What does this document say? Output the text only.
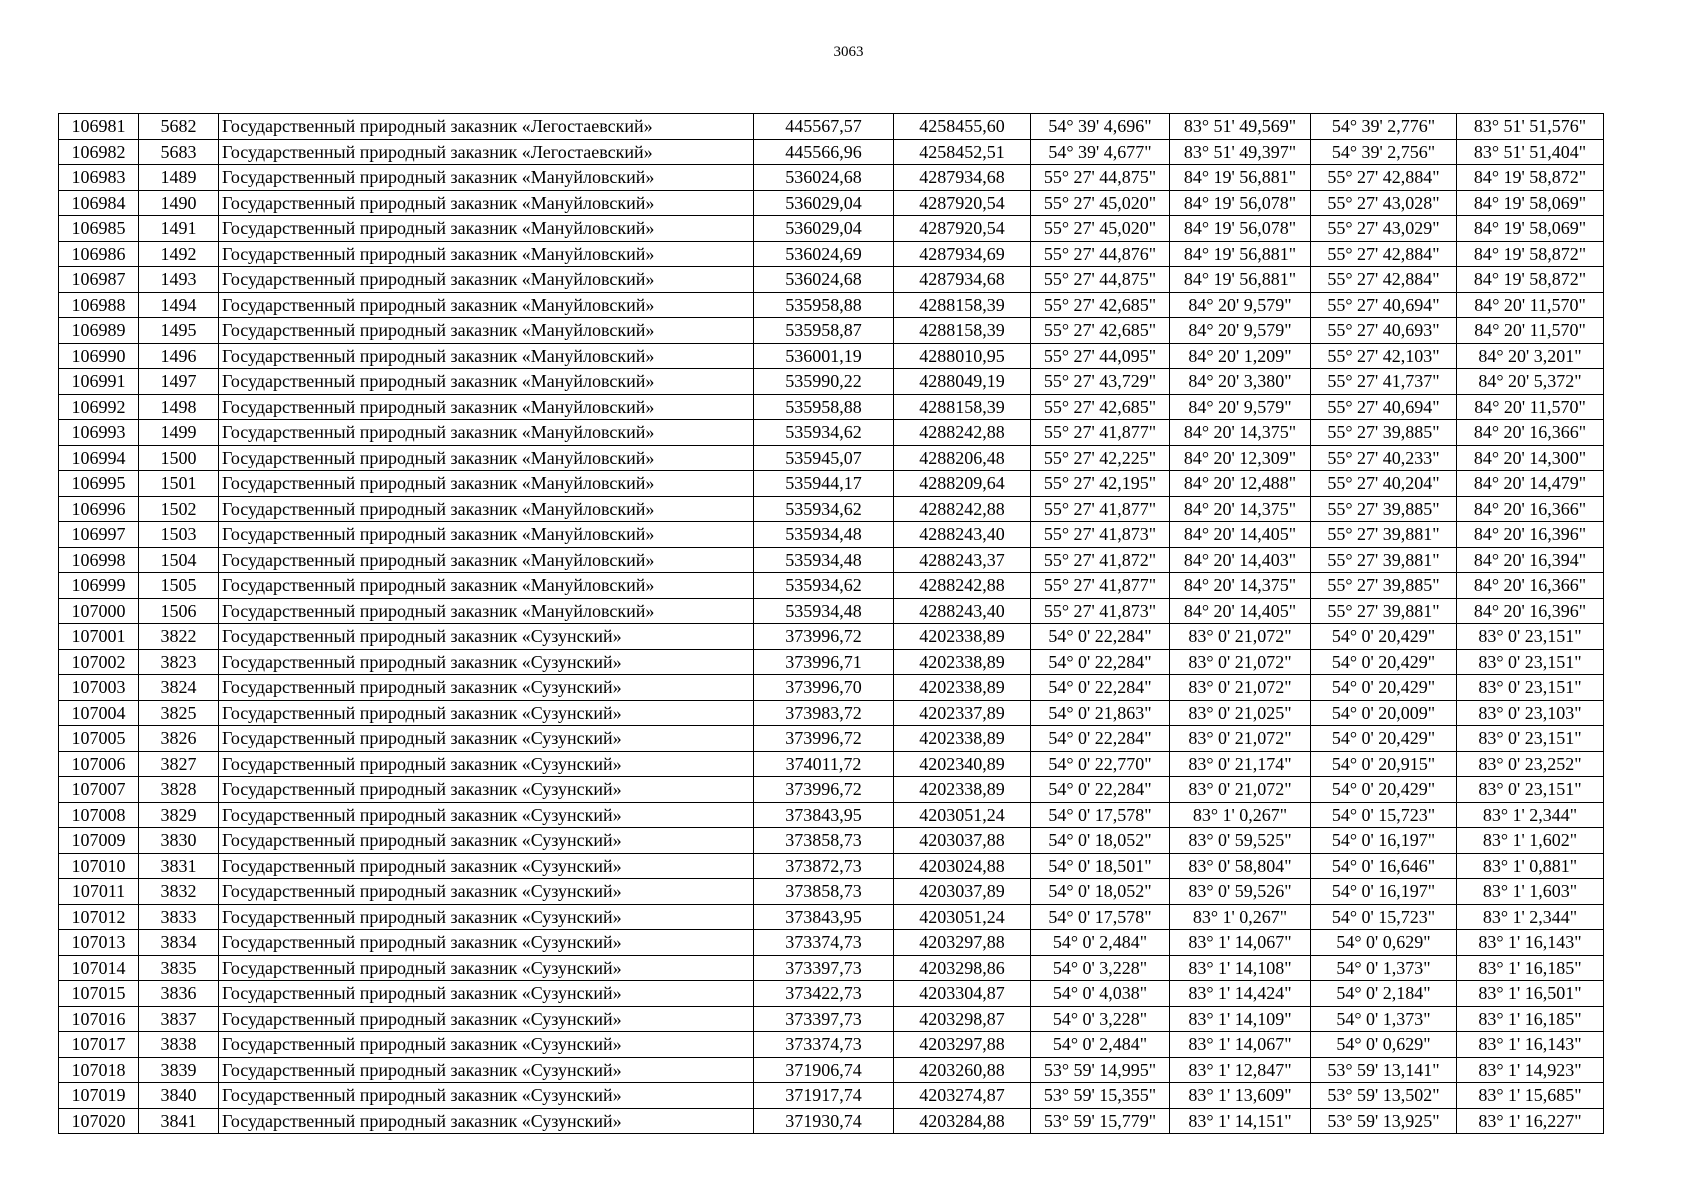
3063
106981	5682	Государственный природный заказник «Легостаевский»	445567,57	4258455,60	54° 39' 4,696"	83° 51' 49,569"	54° 39' 2,776"	83° 51' 51,576"
106982	5683	Государственный природный заказник «Легостаевский»	445566,96	4258452,51	54° 39' 4,677"	83° 51' 49,397"	54° 39' 2,756"	83° 51' 51,404"
106983	1489	Государственный природный заказник «Мануйловский»	536024,68	4287934,68	55° 27' 44,875"	84° 19' 56,881"	55° 27' 42,884"	84° 19' 58,872"
106984	1490	Государственный природный заказник «Мануйловский»	536029,04	4287920,54	55° 27' 45,020"	84° 19' 56,078"	55° 27' 43,028"	84° 19' 58,069"
106985	1491	Государственный природный заказник «Мануйловский»	536029,04	4287920,54	55° 27' 45,020"	84° 19' 56,078"	55° 27' 43,029"	84° 19' 58,069"
106986	1492	Государственный природный заказник «Мануйловский»	536024,69	4287934,69	55° 27' 44,876"	84° 19' 56,881"	55° 27' 42,884"	84° 19' 58,872"
106987	1493	Государственный природный заказник «Мануйловский»	536024,68	4287934,68	55° 27' 44,875"	84° 19' 56,881"	55° 27' 42,884"	84° 19' 58,872"
106988	1494	Государственный природный заказник «Мануйловский»	535958,88	4288158,39	55° 27' 42,685"	84° 20' 9,579"	55° 27' 40,694"	84° 20' 11,570"
106989	1495	Государственный природный заказник «Мануйловский»	535958,87	4288158,39	55° 27' 42,685"	84° 20' 9,579"	55° 27' 40,693"	84° 20' 11,570"
106990	1496	Государственный природный заказник «Мануйловский»	536001,19	4288010,95	55° 27' 44,095"	84° 20' 1,209"	55° 27' 42,103"	84° 20' 3,201"
106991	1497	Государственный природный заказник «Мануйловский»	535990,22	4288049,19	55° 27' 43,729"	84° 20' 3,380"	55° 27' 41,737"	84° 20' 5,372"
106992	1498	Государственный природный заказник «Мануйловский»	535958,88	4288158,39	55° 27' 42,685"	84° 20' 9,579"	55° 27' 40,694"	84° 20' 11,570"
106993	1499	Государственный природный заказник «Мануйловский»	535934,62	4288242,88	55° 27' 41,877"	84° 20' 14,375"	55° 27' 39,885"	84° 20' 16,366"
106994	1500	Государственный природный заказник «Мануйловский»	535945,07	4288206,48	55° 27' 42,225"	84° 20' 12,309"	55° 27' 40,233"	84° 20' 14,300"
106995	1501	Государственный природный заказник «Мануйловский»	535944,17	4288209,64	55° 27' 42,195"	84° 20' 12,488"	55° 27' 40,204"	84° 20' 14,479"
106996	1502	Государственный природный заказник «Мануйловский»	535934,62	4288242,88	55° 27' 41,877"	84° 20' 14,375"	55° 27' 39,885"	84° 20' 16,366"
106997	1503	Государственный природный заказник «Мануйловский»	535934,48	4288243,40	55° 27' 41,873"	84° 20' 14,405"	55° 27' 39,881"	84° 20' 16,396"
106998	1504	Государственный природный заказник «Мануйловский»	535934,48	4288243,37	55° 27' 41,872"	84° 20' 14,403"	55° 27' 39,881"	84° 20' 16,394"
106999	1505	Государственный природный заказник «Мануйловский»	535934,62	4288242,88	55° 27' 41,877"	84° 20' 14,375"	55° 27' 39,885"	84° 20' 16,366"
107000	1506	Государственный природный заказник «Мануйловский»	535934,48	4288243,40	55° 27' 41,873"	84° 20' 14,405"	55° 27' 39,881"	84° 20' 16,396"
107001	3822	Государственный природный заказник «Сузунский»	373996,72	4202338,89	54° 0' 22,284"	83° 0' 21,072"	54° 0' 20,429"	83° 0' 23,151"
107002	3823	Государственный природный заказник «Сузунский»	373996,71	4202338,89	54° 0' 22,284"	83° 0' 21,072"	54° 0' 20,429"	83° 0' 23,151"
107003	3824	Государственный природный заказник «Сузунский»	373996,70	4202338,89	54° 0' 22,284"	83° 0' 21,072"	54° 0' 20,429"	83° 0' 23,151"
107004	3825	Государственный природный заказник «Сузунский»	373983,72	4202337,89	54° 0' 21,863"	83° 0' 21,025"	54° 0' 20,009"	83° 0' 23,103"
107005	3826	Государственный природный заказник «Сузунский»	373996,72	4202338,89	54° 0' 22,284"	83° 0' 21,072"	54° 0' 20,429"	83° 0' 23,151"
107006	3827	Государственный природный заказник «Сузунский»	374011,72	4202340,89	54° 0' 22,770"	83° 0' 21,174"	54° 0' 20,915"	83° 0' 23,252"
107007	3828	Государственный природный заказник «Сузунский»	373996,72	4202338,89	54° 0' 22,284"	83° 0' 21,072"	54° 0' 20,429"	83° 0' 23,151"
107008	3829	Государственный природный заказник «Сузунский»	373843,95	4203051,24	54° 0' 17,578"	83° 1' 0,267"	54° 0' 15,723"	83° 1' 2,344"
107009	3830	Государственный природный заказник «Сузунский»	373858,73	4203037,88	54° 0' 18,052"	83° 0' 59,525"	54° 0' 16,197"	83° 1' 1,602"
107010	3831	Государственный природный заказник «Сузунский»	373872,73	4203024,88	54° 0' 18,501"	83° 0' 58,804"	54° 0' 16,646"	83° 1' 0,881"
107011	3832	Государственный природный заказник «Сузунский»	373858,73	4203037,89	54° 0' 18,052"	83° 0' 59,526"	54° 0' 16,197"	83° 1' 1,603"
107012	3833	Государственный природный заказник «Сузунский»	373843,95	4203051,24	54° 0' 17,578"	83° 1' 0,267"	54° 0' 15,723"	83° 1' 2,344"
107013	3834	Государственный природный заказник «Сузунский»	373374,73	4203297,88	54° 0' 2,484"	83° 1' 14,067"	54° 0' 0,629"	83° 1' 16,143"
107014	3835	Государственный природный заказник «Сузунский»	373397,73	4203298,86	54° 0' 3,228"	83° 1' 14,108"	54° 0' 1,373"	83° 1' 16,185"
107015	3836	Государственный природный заказник «Сузунский»	373422,73	4203304,87	54° 0' 4,038"	83° 1' 14,424"	54° 0' 2,184"	83° 1' 16,501"
107016	3837	Государственный природный заказник «Сузунский»	373397,73	4203298,87	54° 0' 3,228"	83° 1' 14,109"	54° 0' 1,373"	83° 1' 16,185"
107017	3838	Государственный природный заказник «Сузунский»	373374,73	4203297,88	54° 0' 2,484"	83° 1' 14,067"	54° 0' 0,629"	83° 1' 16,143"
107018	3839	Государственный природный заказник «Сузунский»	371906,74	4203260,88	53° 59' 14,995"	83° 1' 12,847"	53° 59' 13,141"	83° 1' 14,923"
107019	3840	Государственный природный заказник «Сузунский»	371917,74	4203274,87	53° 59' 15,355"	83° 1' 13,609"	53° 59' 13,502"	83° 1' 15,685"
107020	3841	Государственный природный заказник «Сузунский»	371930,74	4203284,88	53° 59' 15,779"	83° 1' 14,151"	53° 59' 13,925"	83° 1' 16,227"
